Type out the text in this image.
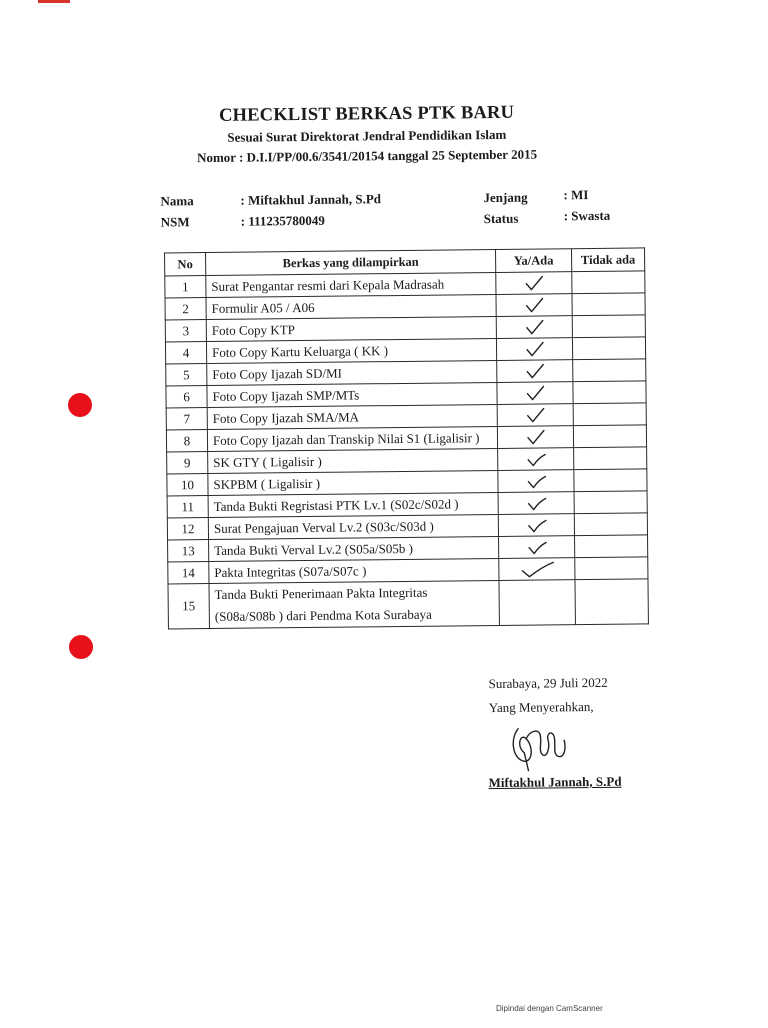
CHECKLIST BERKAS PTK BARU
Sesuai Surat Direktorat Jendral Pendidikan Islam
Nomor : D.I.I/PP/00.6/3541/20154 tanggal 25 September 2015
Nama	: Miftakhul Jannah, S.Pd
NSM	: 111235780049
Jenjang	: MI
Status	: Swasta
No	Berkas yang dilampirkan	Ya/Ada	Tidak ada
1	Surat Pengantar resmi dari Kepala Madrasah	

2	Formulir A05 / A06	

3	Foto Copy KTP	

4	Foto Copy Kartu Keluarga ( KK )	

5	Foto Copy Ijazah SD/MI	

6	Foto Copy Ijazah SMP/MTs	

7	Foto Copy Ijazah SMA/MA	

8	Foto Copy Ijazah dan Transkip Nilai S1 (Ligalisir )	

9	SK GTY ( Ligalisir )	

10	SKPBM ( Ligalisir )	

11	Tanda Bukti Regristasi PTK Lv.1 (S02c/S02d )	

12	Surat Pengajuan Verval Lv.2 (S03c/S03d )	

13	Tanda Bukti Verval Lv.2 (S05a/S05b )	

14	Pakta Integritas (S07a/S07c )	

15	Tanda Bukti Penerimaan Pakta Integritas
(S08a/S08b ) dari Pendma Kota Surabaya		

Surabaya, 29 Juli 2022
Yang Menyerahkan,
Miftakhul Jannah, S.Pd
Dipindai dengan CamScanner
